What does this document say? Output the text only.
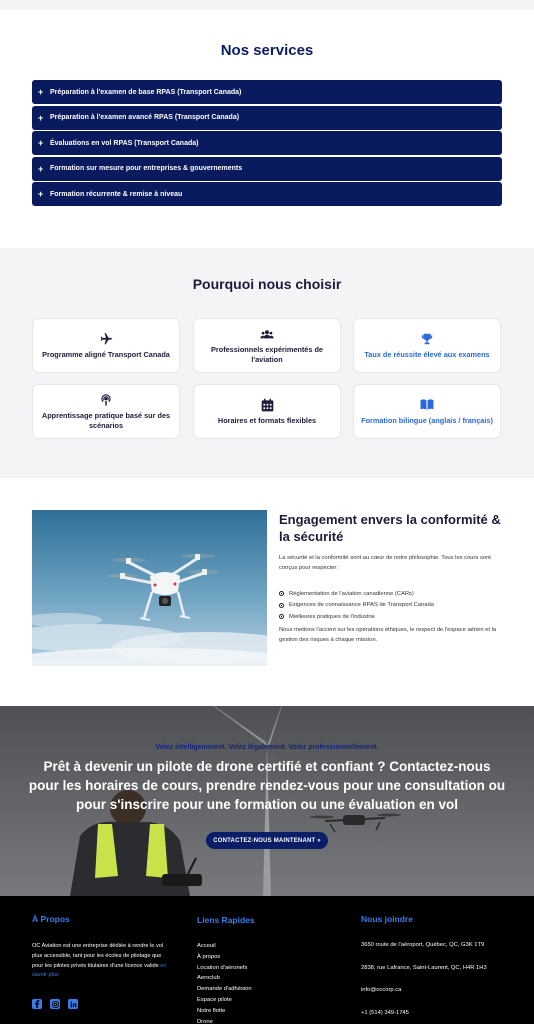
Nos services
+ Préparation à l'examen de base RPAS (Transport Canada)
+ Préparation à l'examen avancé RPAS (Transport Canada)
+ Évaluations en vol RPAS (Transport Canada)
+ Formation sur mesure pour entreprises & gouvernements
+ Formation récurrente & remise à niveau
Pourquoi nous choisir
Programme aligné Transport Canada
Professionnels expérimentés de l'aviation
Taux de réussite élevé aux examens
Apprentissage pratique basé sur des scénarios
Horaires et formats flexibles	Formation bilingue (anglais / français)
Engagement envers la conformité & la sécurité

La sécurité et la conformité sont au cœur de notre philosophie. Tous les cours sont conçus pour respecter :

Réglementation de l'aviation canadienne (CARs)
Exigences de connaissance RPAS de Transport Canada
Meilleures pratiques de l'industrie

Nous mettons l'accent sur les opérations éthiques, le respect de l'espace aérien et la gestion des risques à chaque mission.

Volez intelligemment. Volez légalement. Volez professionnellement.

Prêt à devenir un pilote de drone certifié et confiant ? Contactez-nous pour les horaires de cours, prendre rendez-vous pour une consultation ou pour s'inscrire pour une formation ou une évaluation en vol
CONTACTEZ-NOUS MAINTENANT »
À Propos

OC Aviation est une entreprise dédiée à rendre le vol plus accessible, tant pour les écoles de pilotage que pour les pilotes privés titulaires d'une licence valide en savoir plus

Liens Rapides
Acceuil
À propos
Location d'aéronefs
Aeroclub
Demande d'adhésion
Espace pilote
Notre flotte
Drone
Nous joindre

3650 route de l'aéroport, Québec, QC, G3K 1T9

2838, rue Lafrance, Saint-Laurent, QC, H4R 1H3

info@occorp.ca

+1 (514) 349-1745
